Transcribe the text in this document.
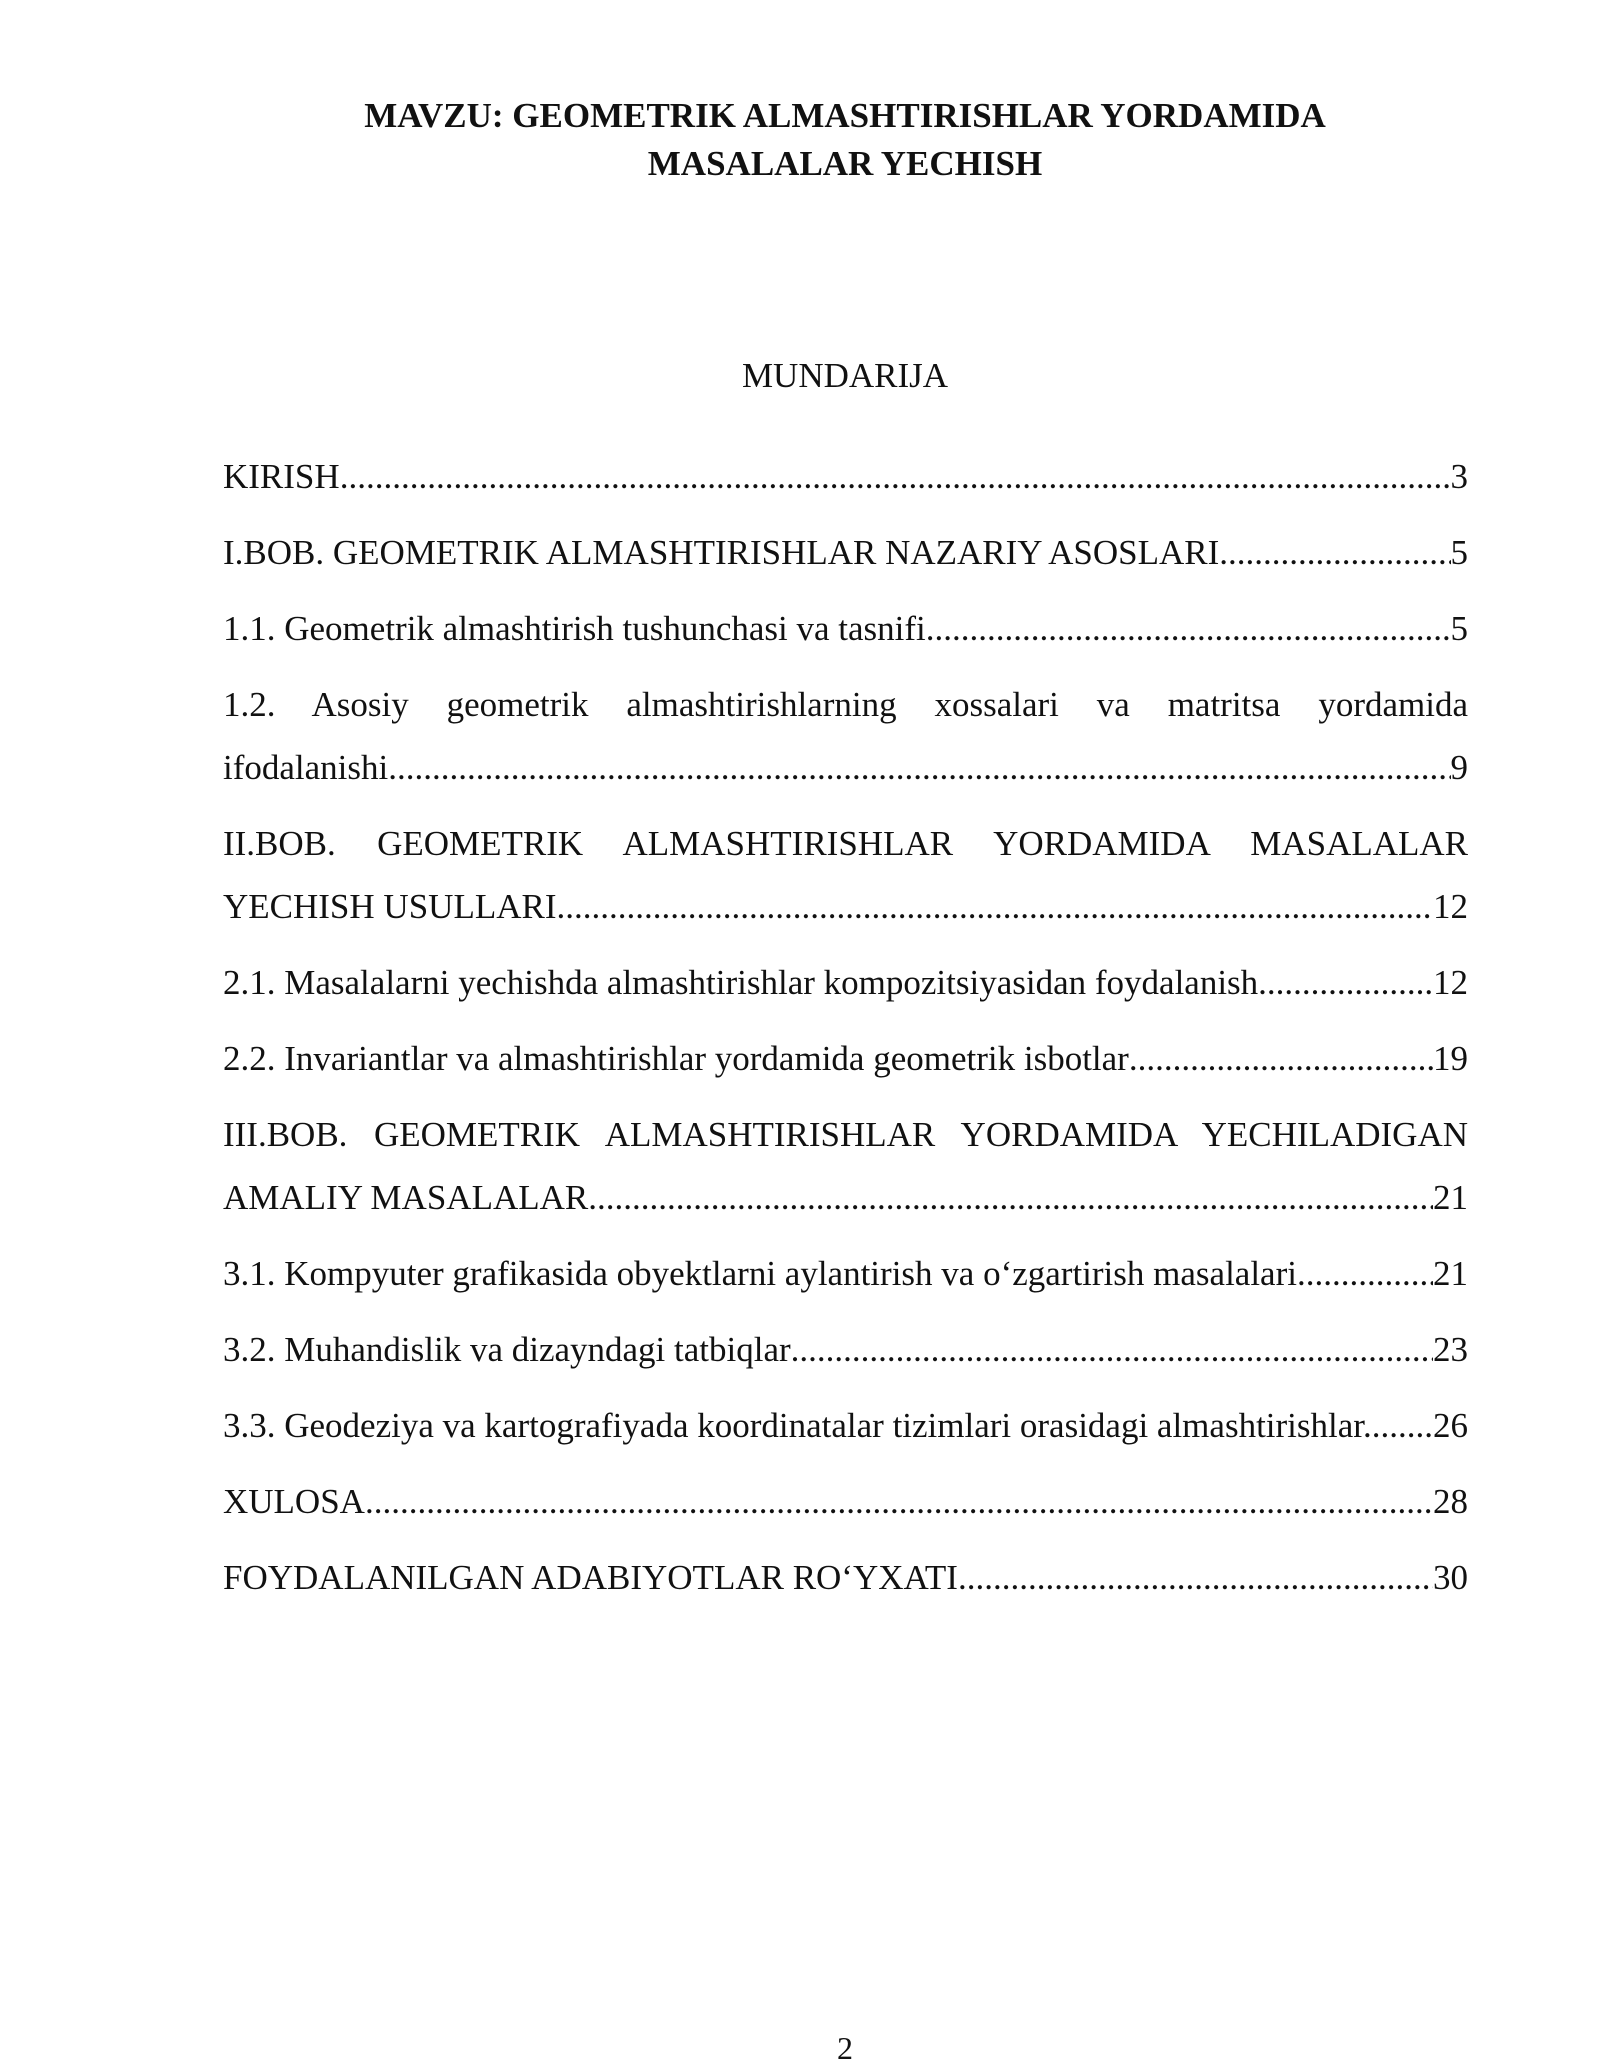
MAVZU: GEOMETRIK ALMASHTIRISHLAR YORDAMIDA
MASALALAR YECHISH
MUNDARIJA
KIRISH .....	3
I.BOB. GEOMETRIK ALMASHTIRISHLAR NAZARIY ASOSLARI .....	5
1.1. Geometrik almashtirish tushunchasi va tasnifi .....	5
1.2. Asosiy geometrik almashtirishlarning xossalari va matritsa yordamida
ifodalanishi .....	9
II.BOB. GEOMETRIK ALMASHTIRISHLAR YORDAMIDA MASALALAR
YECHISH USULLARI .....	12
2.1. Masalalarni yechishda almashtirishlar kompozitsiyasidan foydalanish .....	12
2.2. Invariantlar va almashtirishlar yordamida geometrik isbotlar .....	19
III.BOB. GEOMETRIK ALMASHTIRISHLAR YORDAMIDA YECHILADIGAN
AMALIY MASALALAR .....	21
3.1. Kompyuter grafikasida obyektlarni aylantirish va o‘zgartirish masalalari .....	21
3.2. Muhandislik va dizayndagi tatbiqlar .....	23
3.3. Geodeziya va kartografiyada koordinatalar tizimlari orasidagi almashtirishlar. ..... 26
XULOSA .....	28
FOYDALANILGAN ADABIYOTLAR RO‘YXATI .....	30
2
